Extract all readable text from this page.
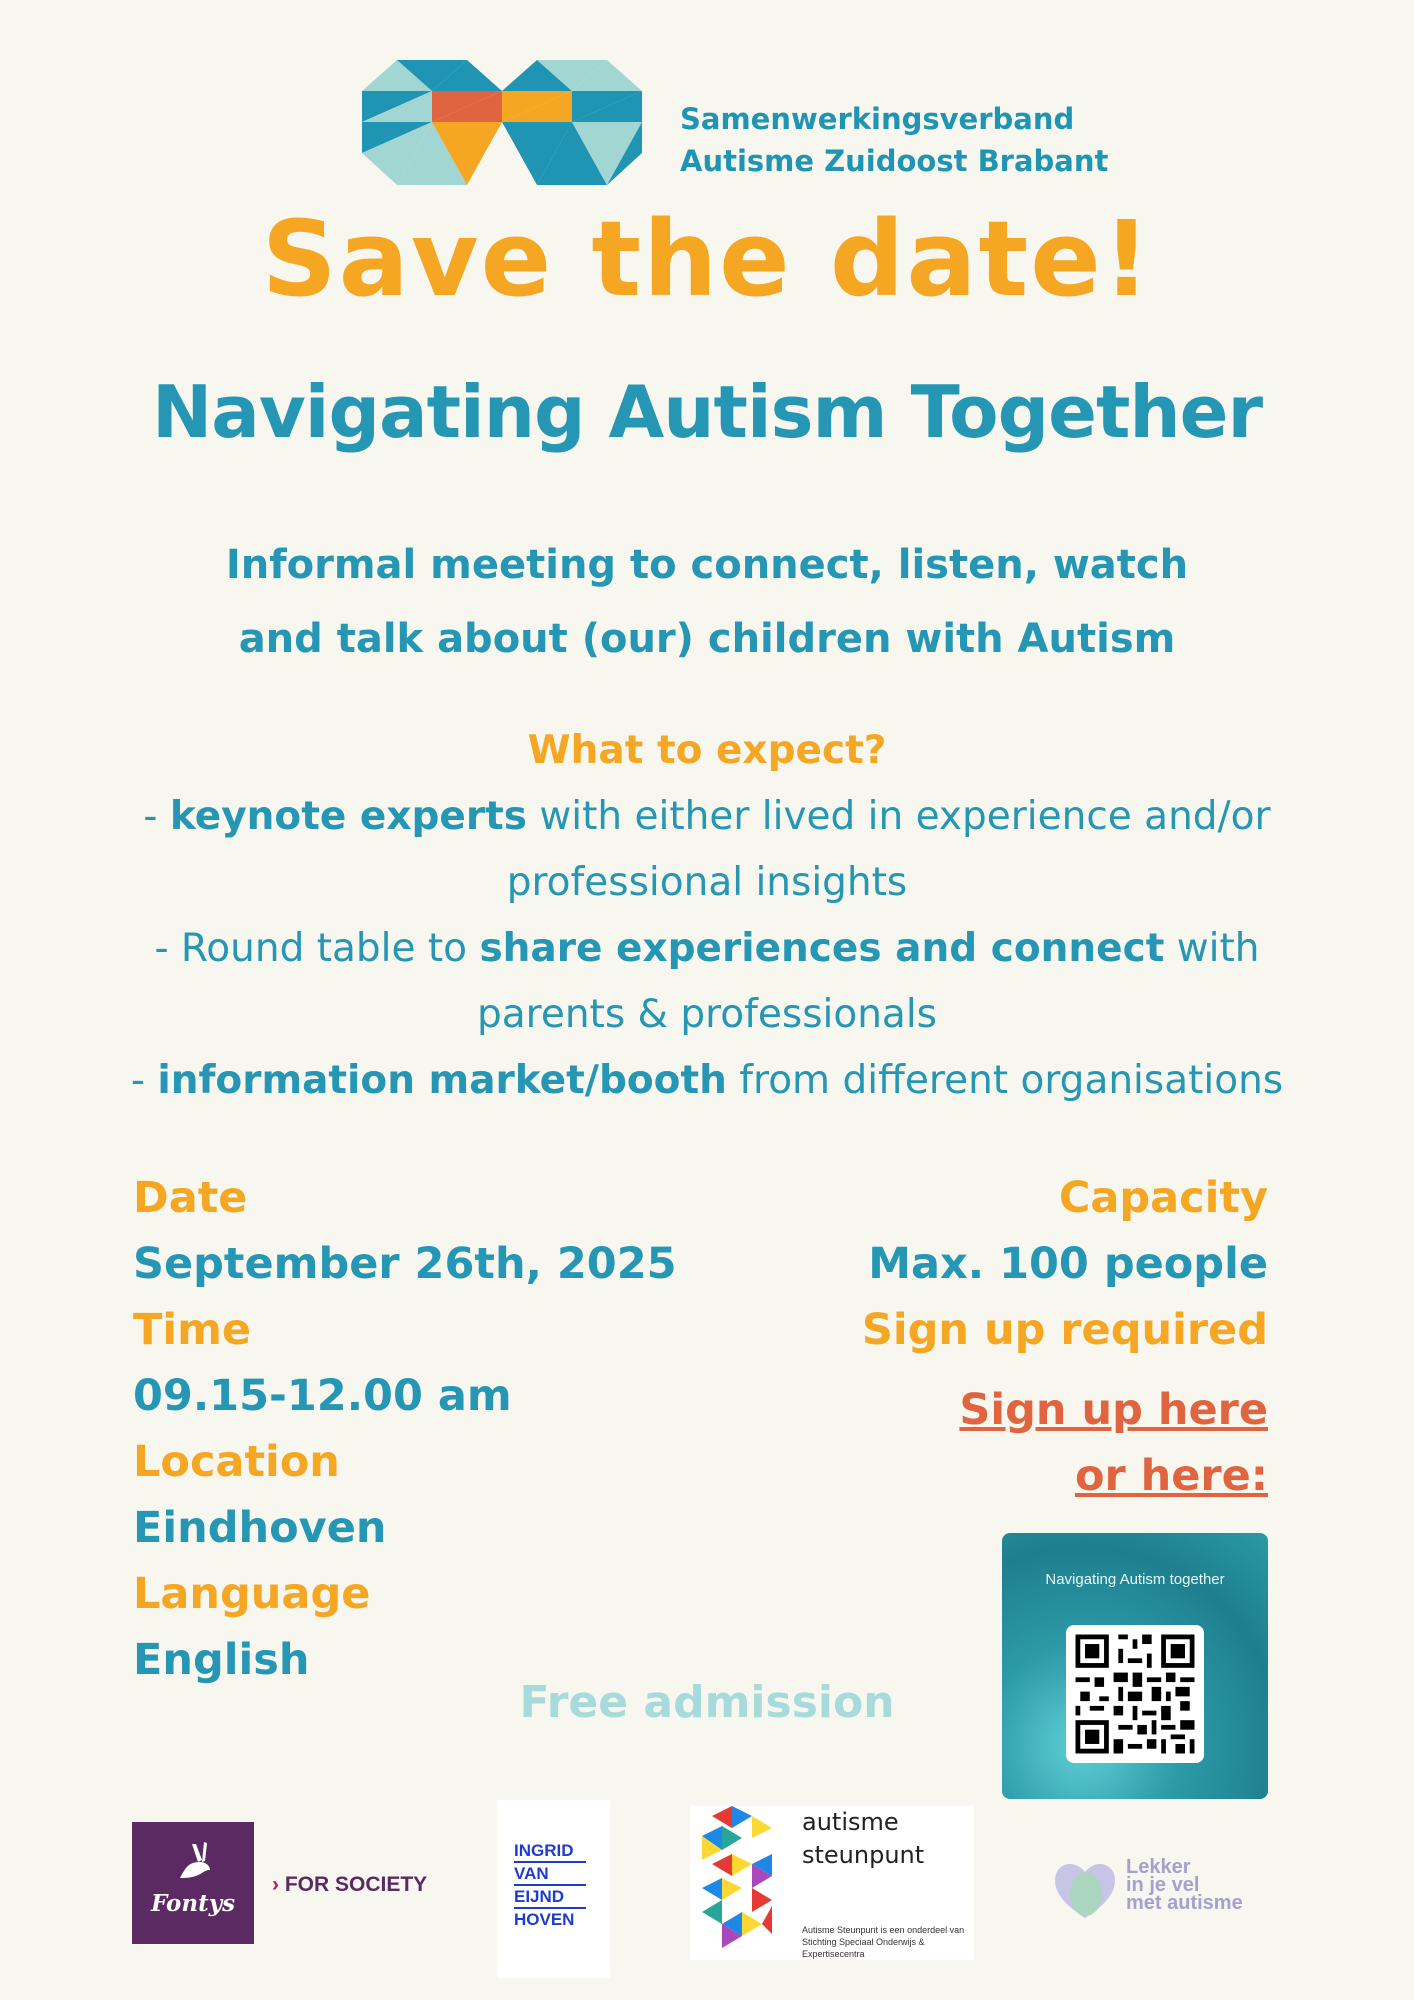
Samenwerkingsverband
Autisme Zuidoost Brabant
Save the date!
Navigating Autism Together
Informal meeting to connect, listen, watch
and talk about (our) children with Autism
What to expect?
- keynote experts with either lived in experience and/or professional insights
- Round table to share experiences and connect with parents & professionals
- information market/booth from different organisations
Date
September 26th, 2025
Time
09.15-12.00 am
Location
Eindhoven
Language
English
Capacity
Max. 100 people
Sign up required
Sign up here
or here:
Navigating Autism together
Free admission
Fontys
› FOR SOCIETY
INGRID
VAN
EIJND
HOVEN
autisme
steunpunt
Autisme Steunpunt is een onderdeel van Stichting Speciaal Onderwijs & Expertisecentra
Lekker
in je vel
met autisme
